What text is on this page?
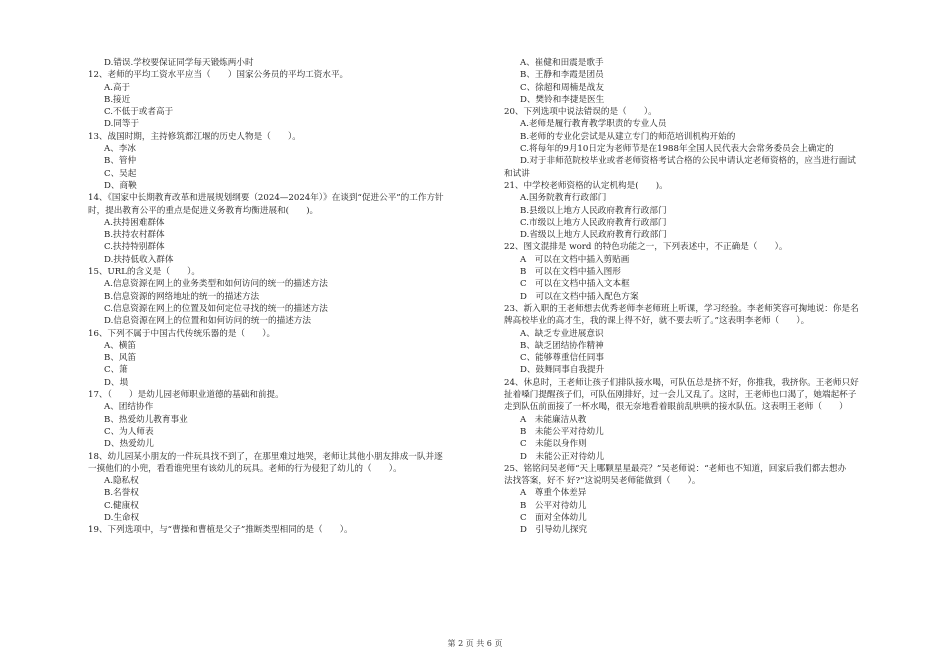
D.错误.学校要保证同学每天锻炼两小时
12、老师的平均工资水平应当（　　）国家公务员的平均工资水平。
A.高于
B.接近
C.不低于或者高于
D.同等于
13、战国时期，主持修筑都江堰的历史人物是（　　）。
A、李冰
B、管仲
C、吴起
D、商鞅
14、《国家中长期教育改革和进展规划纲要（2024—2024年）》在谈到“促进公平”的工作方针
时，提出教育公平的重点是促进义务教育均衡进展和(　　)。
A.扶持困难群体
B.扶持农村群体
C.扶持特别群体
D.扶持低收入群体
15、URL的含义是（　　）。
A.信息资源在网上的业务类型和如何访问的统一的描述方法
B.信息资源的网络地址的统一的描述方法
C.信息资源在网上的位置及如何定位寻找的统一的描述方法
D.信息资源在网上的位置和如何访问的统一的描述方法
16、下列不属于中国古代传统乐器的是（　　）。
A、横笛
B、风笛
C、箫
D、埙
17、（　　）是幼儿园老师职业道德的基础和前提。
A、团结协作
B、热爱幼儿教育事业
C、为人师表
D、热爱幼儿
18、幼儿园某小朋友的一件玩具找不到了，在那里难过地哭，老师让其他小朋友排成一队并逐
一摸他们的小兜，看看谁兜里有该幼儿的玩具。老师的行为侵犯了幼儿的（　　）。
A.隐私权
B.名誉权
C.健康权
D.生命权
19、下列选项中，与“曹操和曹植是父子”推断类型相同的是（　　）。
A、崔健和田震是歌手
B、王静和李霞是团员
C、徐超和周楠是战友
D、樊铃和李捷是医生
20、下列选项中说法错误的是（　　）。
A.老师是履行教育教学职责的专业人员
B.老师的专业化尝试是从建立专门的师范培训机构开始的
C.将每年的9月10日定为老师节是在1988年全国人民代表大会常务委员会上确定的
D.对于非师范院校毕业或者老师资格考试合格的公民申请认定老师资格的，应当进行面试
和试讲
21、中学校老师资格的认定机构是(　　)。
A.国务院教育行政部门
B.县级以上地方人民政府教育行政部门
C.市级以上地方人民政府教育行政部门
D.省级以上地方人民政府教育行政部门
22、图文混排是 word 的特色功能之一，下列表述中，不正确是（　　）。
A　可以在文档中插入剪贴画
B　可以在文档中插入图形
C　可以在文档中插入文本框
D　可以在文档中插入配色方案
23、新入职的王老师想去优秀老师李老师班上听课，学习经验。李老师笑容可掬地说：你是名
牌高校毕业的高才生，我的课上得不好，就不要去听了。”这表明李老师（　　）。
A、缺乏专业进展意识
B、缺乏团结协作精神
C、能够尊重信任同事
D、鼓舞同事自我提升
24、休息时，王老师让孩子们排队接水喝，可队伍总是挤不好，你推我，我挤你。王老师只好
扯着嗓门提醒孩子们，可队伍刚排好，过一会儿又乱了。这时，王老师也口渴了，她端起杯子
走到队伍前面接了一杯水喝，很无奈地看着眼前乱哄哄的接水队伍。这表明王老师（　　）
A　未能廉洁从教
B　未能公平对待幼儿
C　未能以身作则
D　未能公正对待幼儿
25、铭铭问吴老师“天上哪颗星星最亮？”吴老师说：“老师也不知道，回家后我们都去想办
法找答案，好不 好?”这说明吴老师能做到（　　）。
A　尊重个体差异
B　公平对待幼儿
C　面对全体幼儿
D　引导幼儿探究
第 2 页 共 6 页
